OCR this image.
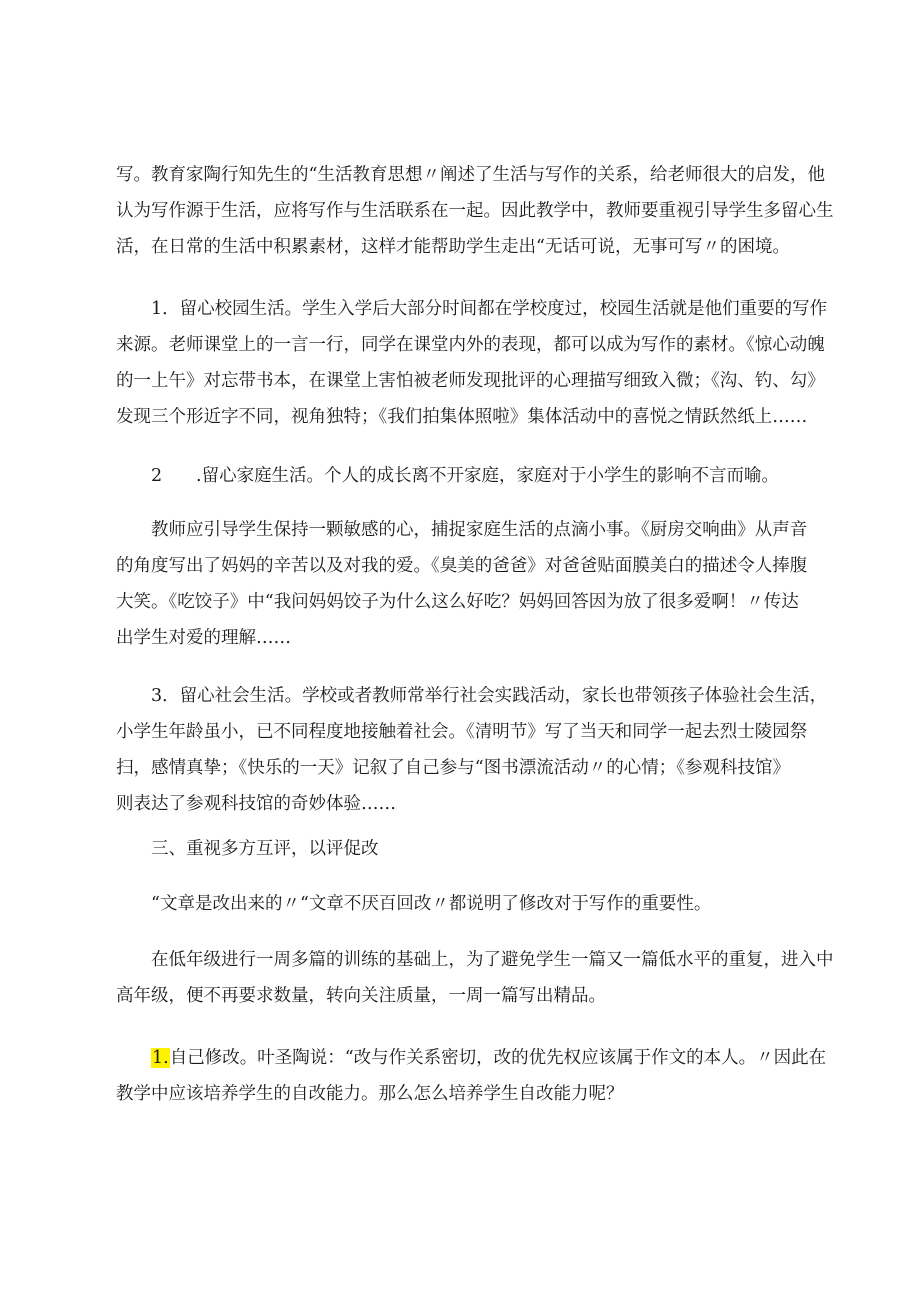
写。教育家陶行知先生的“生活教育思想〃阐述了生活与写作的关系，给老师很大的启发，他
认为写作源于生活，应将写作与生活联系在一起。因此教学中，教师要重视引导学生多留心生
活，在日常的生活中积累素材，这样才能帮助学生走出“无话可说，无事可写〃的困境。
1．留心校园生活。学生入学后大部分时间都在学校度过，校园生活就是他们重要的写作
来源。老师课堂上的一言一行，同学在课堂内外的表现，都可以成为写作的素材。《惊心动魄
的一上午》对忘带书本，在课堂上害怕被老师发现批评的心理描写细致入微；《沟、钓、勾》
发现三个形近字不同，视角独特；《我们拍集体照啦》集体活动中的喜悦之情跃然纸上……
2 .留心家庭生活。个人的成长离不开家庭，家庭对于小学生的影响不言而喻。
教师应引导学生保持一颗敏感的心，捕捉家庭生活的点滴小事。《厨房交响曲》从声音
的角度写出了妈妈的辛苦以及对我的爱。《臭美的爸爸》对爸爸贴面膜美白的描述令人捧腹
大笑。《吃饺子》中“我问妈妈饺子为什么这么好吃？妈妈回答因为放了很多爱啊！〃传达
出学生对爱的理解……
3．留心社会生活。学校或者教师常举行社会实践活动，家长也带领孩子体验社会生活，
小学生年龄虽小，已不同程度地接触着社会。《清明节》写了当天和同学一起去烈士陵园祭
扫，感情真挚；《快乐的一天》记叙了自己参与“图书漂流活动〃的心情；《参观科技馆》
则表达了参观科技馆的奇妙体验……
三、重视多方互评，以评促改
“文章是改出来的〃“文章不厌百回改〃都说明了修改对于写作的重要性。
在低年级进行一周多篇的训练的基础上，为了避免学生一篇又一篇低水平的重复，进入中
高年级，便不再要求数量，转向关注质量，一周一篇写出精品。
1.自己修改。叶圣陶说：“改与作关系密切，改的优先权应该属于作文的本人。〃因此在
教学中应该培养学生的自改能力。那么怎么培养学生自改能力呢？
